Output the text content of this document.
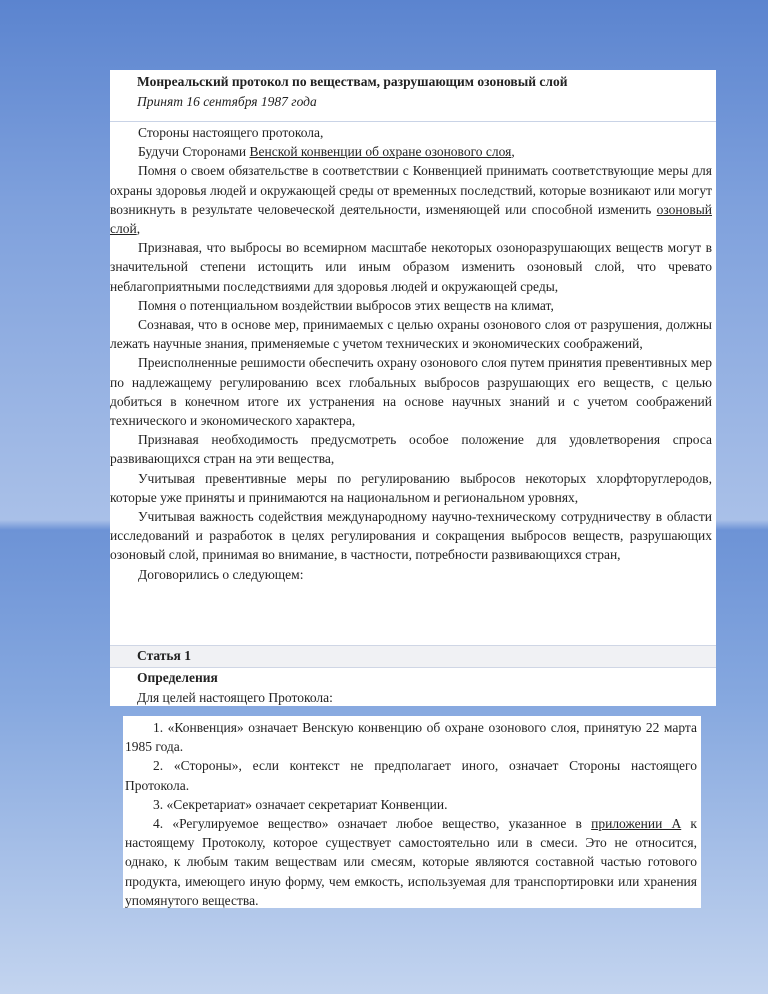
Монреальский протокол по веществам, разрушающим озоновый слой
Принят 16 сентября 1987 года

Стороны настоящего протокола,

Будучи Сторонами Венской конвенции об охране озонового слоя,

Помня о своем обязательстве в соответствии с Конвенцией принимать соответствующие меры для охраны здоровья людей и окружающей среды от временных последствий, которые возникают или могут возникнуть в результате человеческой деятельности, изменяющей или способной изменить озоновый слой,

Признавая, что выбросы во всемирном масштабе некоторых озоноразрушающих веществ могут в значительной степени истощить или иным образом изменить озоновый слой, что чревато неблагоприятными последствиями для здоровья людей и окружающей среды,

Помня о потенциальном воздействии выбросов этих веществ на климат,

Сознавая, что в основе мер, принимаемых с целью охраны озонового слоя от разрушения, должны лежать научные знания, применяемые с учетом технических и экономических соображений,

Преисполненные решимости обеспечить охрану озонового слоя путем принятия превентивных мер по надлежащему регулированию всех глобальных выбросов разрушающих его веществ, с целью добиться в конечном итоге их устранения на основе научных знаний и с учетом соображений технического и экономического характера,

Признавая необходимость предусмотреть особое положение для удовлетворения спроса развивающихся стран на эти вещества,

Учитывая превентивные меры по регулированию выбросов некоторых хлорфторуглеродов, которые уже приняты и принимаются на национальном и региональном уровнях,

Учитывая важность содействия международному научно-техническому сотрудничеству в области исследований и разработок в целях регулирования и сокращения выбросов веществ, разрушающих озоновый слой, принимая во внимание, в частности, потребности развивающихся стран,

Договорились о следующем:

Статья 1
Определения
Для целей настоящего Протокола:

1. «Конвенция» означает Венскую конвенцию об охране озонового слоя, принятую 22 марта 1985 года.

2. «Стороны», если контекст не предполагает иного, означает Стороны настоящего Протокола.

3. «Секретариат» означает секретариат Конвенции.

4. «Регулируемое вещество» означает любое вещество, указанное в приложении А к настоящему Протоколу, которое существует самостоятельно или в смеси. Это не относится, однако, к любым таким веществам или смесям, которые являются составной частью готового продукта, имеющего иную форму, чем емкость, используемая для транспортировки или хранения упомянутого вещества.
